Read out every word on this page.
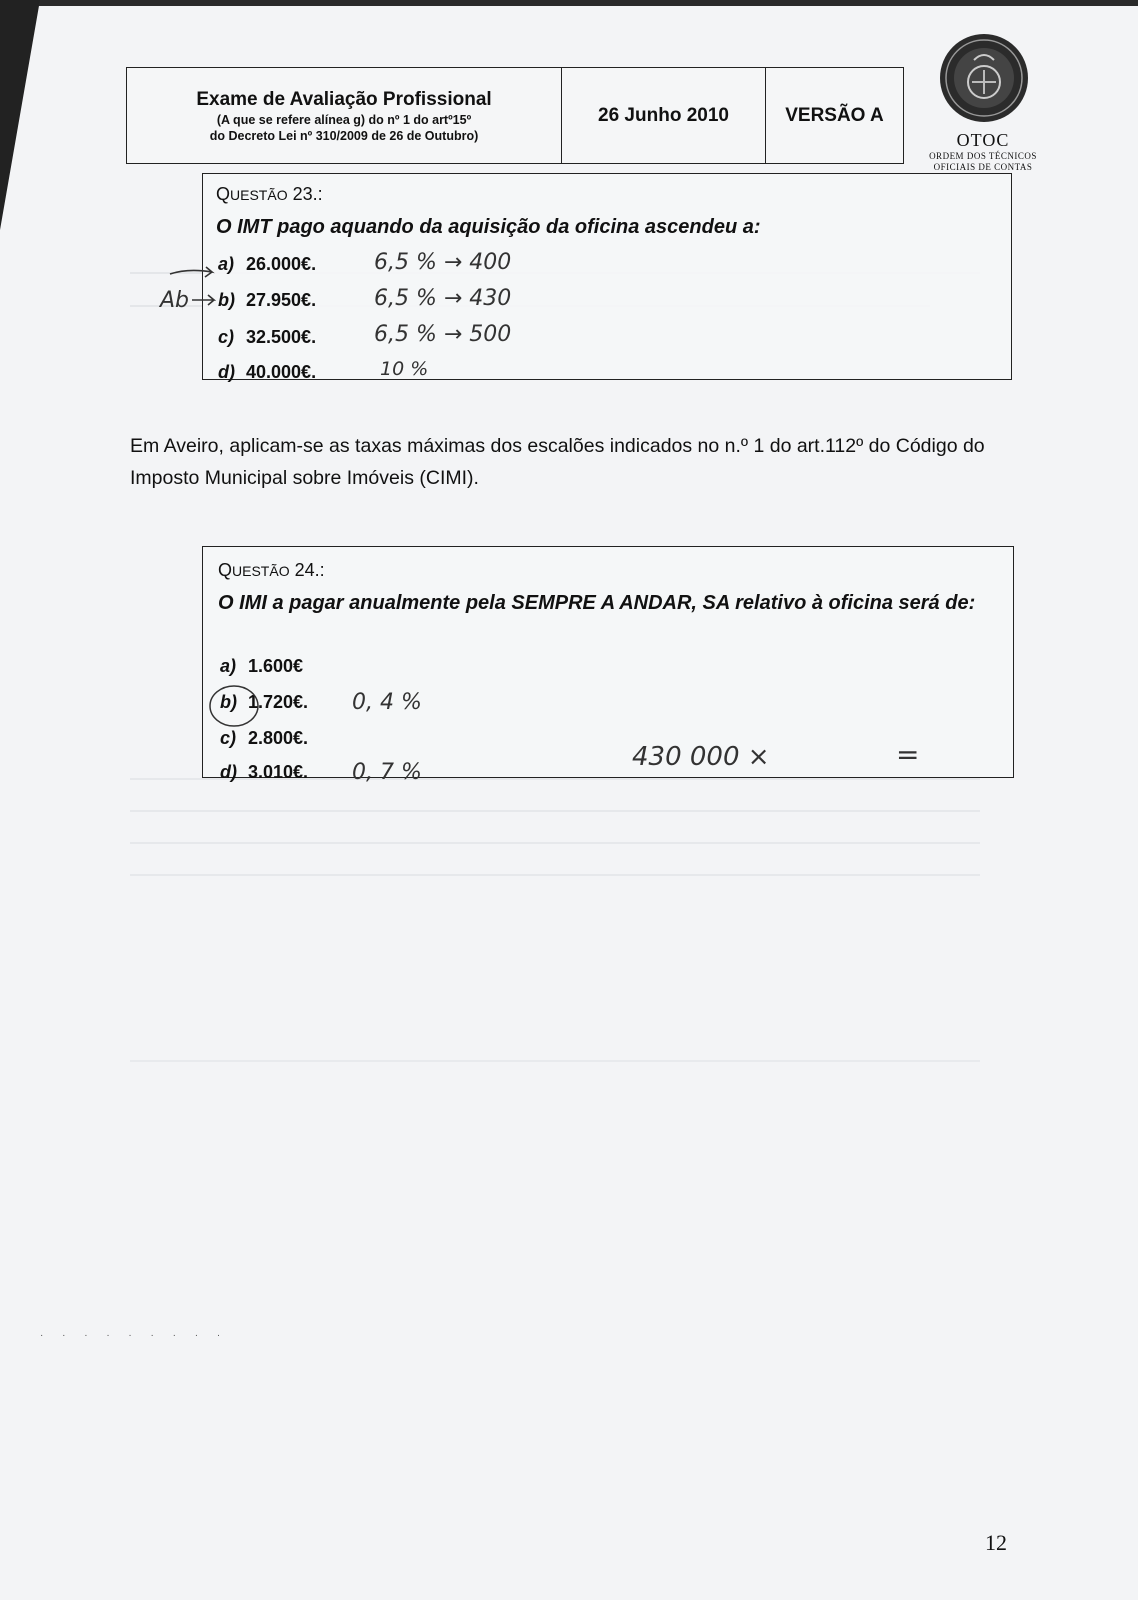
Exame de Avaliação Profissional
(A que se refere alínea g) do nº 1 do artº15º
do Decreto Lei nº 310/2009 de 26 de Outubro)
26 Junho 2010	VERSÃO A
OTOC
ORDEM DOS TÉCNICOS
OFICIAIS DE CONTAS
QUESTÃO 23.:
O IMT pago aquando da aquisição da oficina ascendeu a:
a) 26.000€.
b) 27.950€.
c) 32.500€.
d) 40.000€.
6,5 % → 400
6,5 % → 430
6,5 % → 500
10 %
Ab
Em Aveiro, aplicam-se as taxas máximas dos escalões indicados no n.º 1 do art.112º do Código do Imposto Municipal sobre Imóveis (CIMI).
QUESTÃO 24.:
O IMI a pagar anualmente pela SEMPRE A ANDAR, SA relativo à oficina será de:
a) 1.600€
b) 1.720€.
c) 2.800€.
d) 3.010€.
0, 4 %
0, 7 %
430 000 ×	=
· · · · · · · · ·
12
